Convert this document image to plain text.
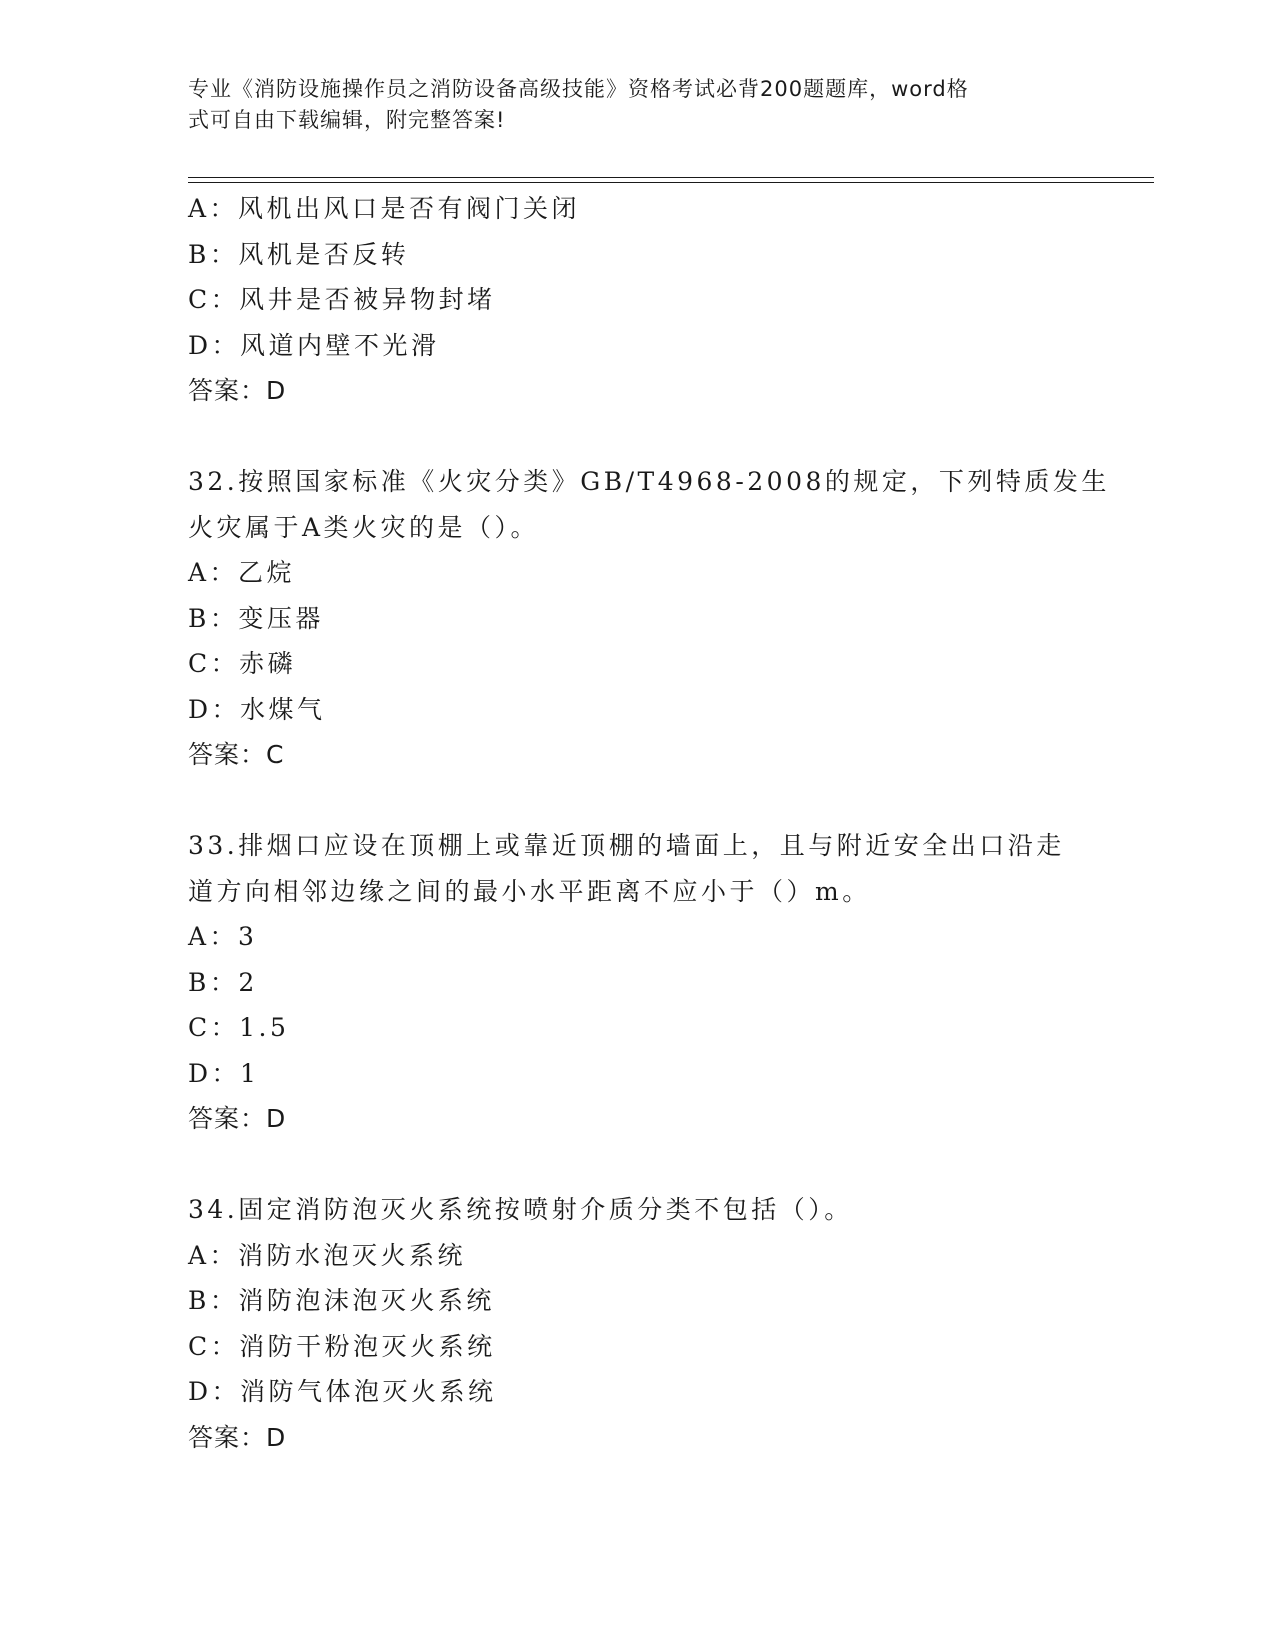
专业《消防设施操作员之消防设备高级技能》资格考试必背200题题库，word格
式可自由下载编辑，附完整答案!
A：风机出风口是否有阀门关闭
B：风机是否反转
C：风井是否被异物封堵
D：风道内壁不光滑
答案：D
32.按照国家标准《火灾分类》GB/T4968-2008的规定，下列特质发生
火灾属于A类火灾的是（）。
A：乙烷
B：变压器
C：赤磷
D：水煤气
答案：C
33.排烟口应设在顶棚上或靠近顶棚的墙面上，且与附近安全出口沿走
道方向相邻边缘之间的最小水平距离不应小于（）m。
A：3
B：2
C：1.5
D：1
答案：D
34.固定消防泡灭火系统按喷射介质分类不包括（）。
A：消防水泡灭火系统
B：消防泡沫泡灭火系统
C：消防干粉泡灭火系统
D：消防气体泡灭火系统
答案：D
